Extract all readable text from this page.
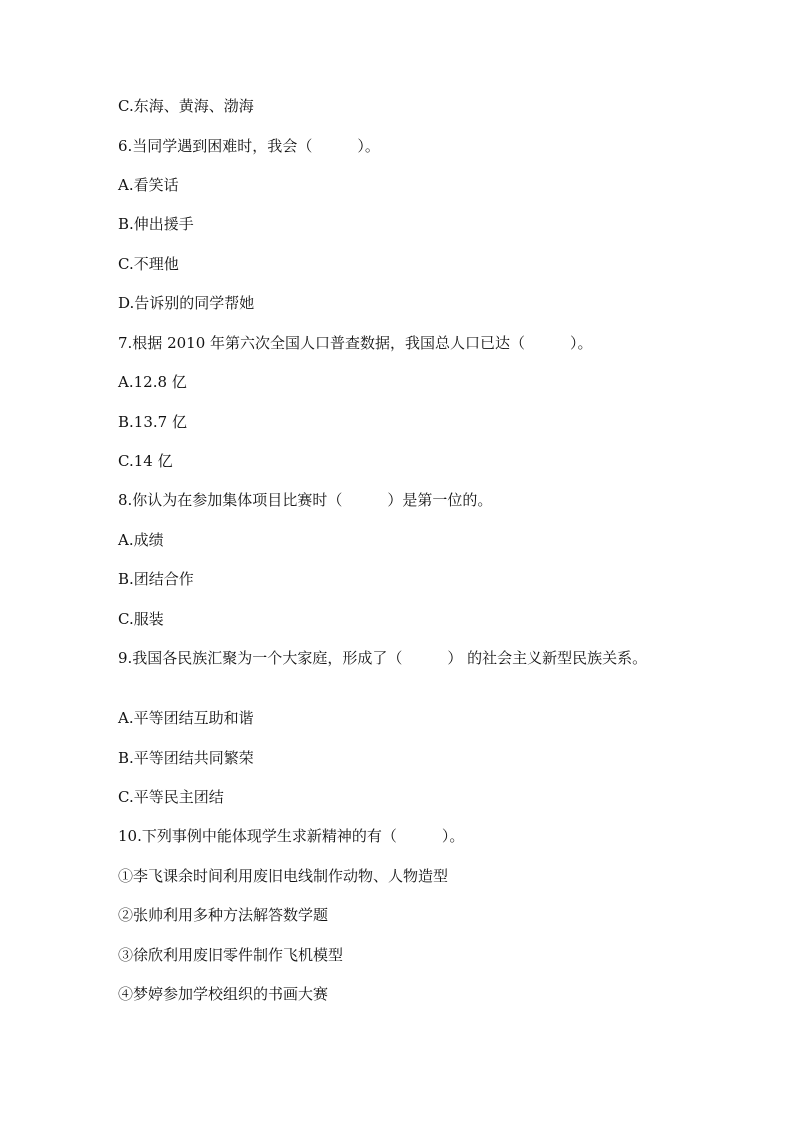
C.东海、黄海、渤海

6.当同学遇到困难时，我会（　　　）。

A.看笑话

B.伸出援手

C.不理他

D.告诉别的同学帮她

7.根据 2010 年第六次全国人口普查数据，我国总人口已达（　　　）。

A.12.8 亿

B.13.7 亿

C.14 亿

8.你认为在参加集体项目比赛时（　　　）是第一位的。

A.成绩

B.团结合作

C.服装

9.我国各民族汇聚为一个大家庭，形成了（　　　） 的社会主义新型民族关系。

A.平等团结互助和谐

B.平等团结共同繁荣

C.平等民主团结

10.下列事例中能体现学生求新精神的有（　　　）。

①李飞课余时间利用废旧电线制作动物、人物造型

②张帅利用多种方法解答数学题

③徐欣利用废旧零件制作飞机模型

④梦婷参加学校组织的书画大赛
